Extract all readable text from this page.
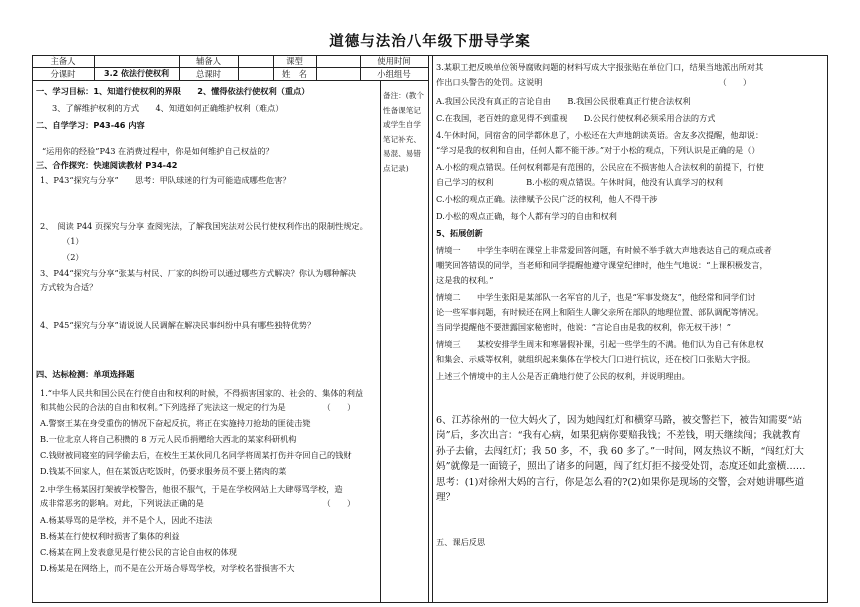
道德与法治八年级下册导学案
主备人	辅备人	课型	使用时间
分课时	3.2 依法行使权利	总课时	姓　名	小组组号
备注：(教个性备课笔记或学生自学笔记补充、易混、易错点记录)
一、学习目标：1、知道行使权利的界限　　2、懂得依法行使权利（重点）
3、了解维护权利的方式　　4、知道如何正确维护权利（难点）
二、自学学习：P43-46 内容
“运用你的经验”P43 在消费过程中，你是如何维护自己权益的？
三、合作探究：快速阅读教材 P34-42
1、P43“探究与分享”　　思考：甲队球迷的行为可能造成哪些危害？
2、　阅读 P44 页探究与分享 查阅宪法，了解我国宪法对公民行使权利作出的限制性规定。
（1）
（2）
3、P44“探究与分享”张某与村民、厂家的纠纷可以通过哪些方式解决？你认为哪种解决
方式较为合适？
4、P45“探究与分享”请说说人民调解在解决民事纠纷中具有哪些独特优势？
四、达标检测：单项选择题
1.“中华人民共和国公民在行使自由和权利的时候，不得损害国家的、社会的、集体的利益
和其他公民的合法的自由和权利。”下列选择了宪法这一规定的行为是　　　　　（　　）
A.警察王某在身受重伤的情况下奋起反抗，将正在实施持刀抢劫的匪徒击毙
B.一位北京人将自己积攒的 8 万元人民币捐赠给大西北的某家科研机构
C.钱财被同寝室的同学偷去后，在校生王某伙同几名同学将周某打伤并夺回自己的钱财
D.钱某不回家人，但在某饭店吃饭时，仍要求服务员不要上猪肉的菜
2.中学生杨某因打架被学校警告，他很不服气，于是在学校网站上大肆辱骂学校，造
成非常恶劣的影响。对此，下列说法正确的是　　　　　　　　　　　　　　　（　　）
A.杨某辱骂的是学校，并不是个人，因此不违法
B.杨某在行使权利时损害了集体的利益
C.杨某在网上发表意见是行使公民的言论自由权的体现
D.杨某是在网络上，而不是在公开场合辱骂学校，对学校名誉损害不大
3.某职工把反映单位领导腐败问题的材料写成大字报张贴在单位门口，结果当地派出所对其
作出口头警告的处罚。这说明　　　　　　　　　　　　　　　　　　　　　　（　　）
A.我国公民没有真正的言论自由　　B.我国公民很难真正行使合法权利
C.在我国，老百姓的意见得不到重视　　D.公民行使权利必须采用合法的方式
4.午休时间，同宿舍的同学都休息了，小松还在大声地朗读英语。舍友多次提醒，他却说：
“学习是我的权利和自由，任何人都不能干涉。”对于小松的观点，下列认识是正确的是（）
A.小松的观点错误。任何权利都是有范围的，公民应在不损害他人合法权利的前提下，行使
自己学习的权利　　　　B.小松的观点错误。午休时间，他没有认真学习的权利
C.小松的观点正确。法律赋予公民广泛的权利，他人不得干涉
D.小松的观点正确，每个人都有学习的自由和权利
5、拓展创新
情境一　　中学生李明在课堂上非常爱回答问题，有时候不举手就大声地表达自己的观点或者
嘲笑回答错误的同学，当老师和同学提醒他遵守课堂纪律时，他生气地说：“上课积极发言，
这是我的权利。”
情境二　　中学生张阳是某部队一名军官的儿子，也是“军事发烧友”，他经常和同学们讨
论一些军事问题，有时候还在网上和陌生人聊父亲所在部队的地理位置、部队调配等情况。
当同学提醒他不要泄露国家秘密时，他说：“言论自由是我的权利，你无权干涉！”
情境三　　某校安排学生周末和寒暑假补课，引起一些学生的不满。他们认为自己有休息权
和集会、示威等权利，就组织起来集体在学校大门口进行抗议，还在校门口张贴大字报。
上述三个情境中的主人公是否正确地行使了公民的权利，并说明理由。
6、江苏徐州的一位大妈火了，因为她闯红灯和横穿马路，被交警拦下，被告知需要“站岗”后，多次出言：“我有心病，如果犯病你要赔我钱；不差钱，明天继续闯；我就教育孙子去偷，去闯红灯；我 50 多，不，我 60 多了。”一时间，网友热议不断，“闯红灯大妈”就像是一面镜子，照出了诸多的问题，闯了红灯拒不接受处罚，态度还如此蛮横……思考：(1)对徐州大妈的言行，你是怎么看的?(2)如果你是现场的交警，会对她讲哪些道理？
五、课后反思
